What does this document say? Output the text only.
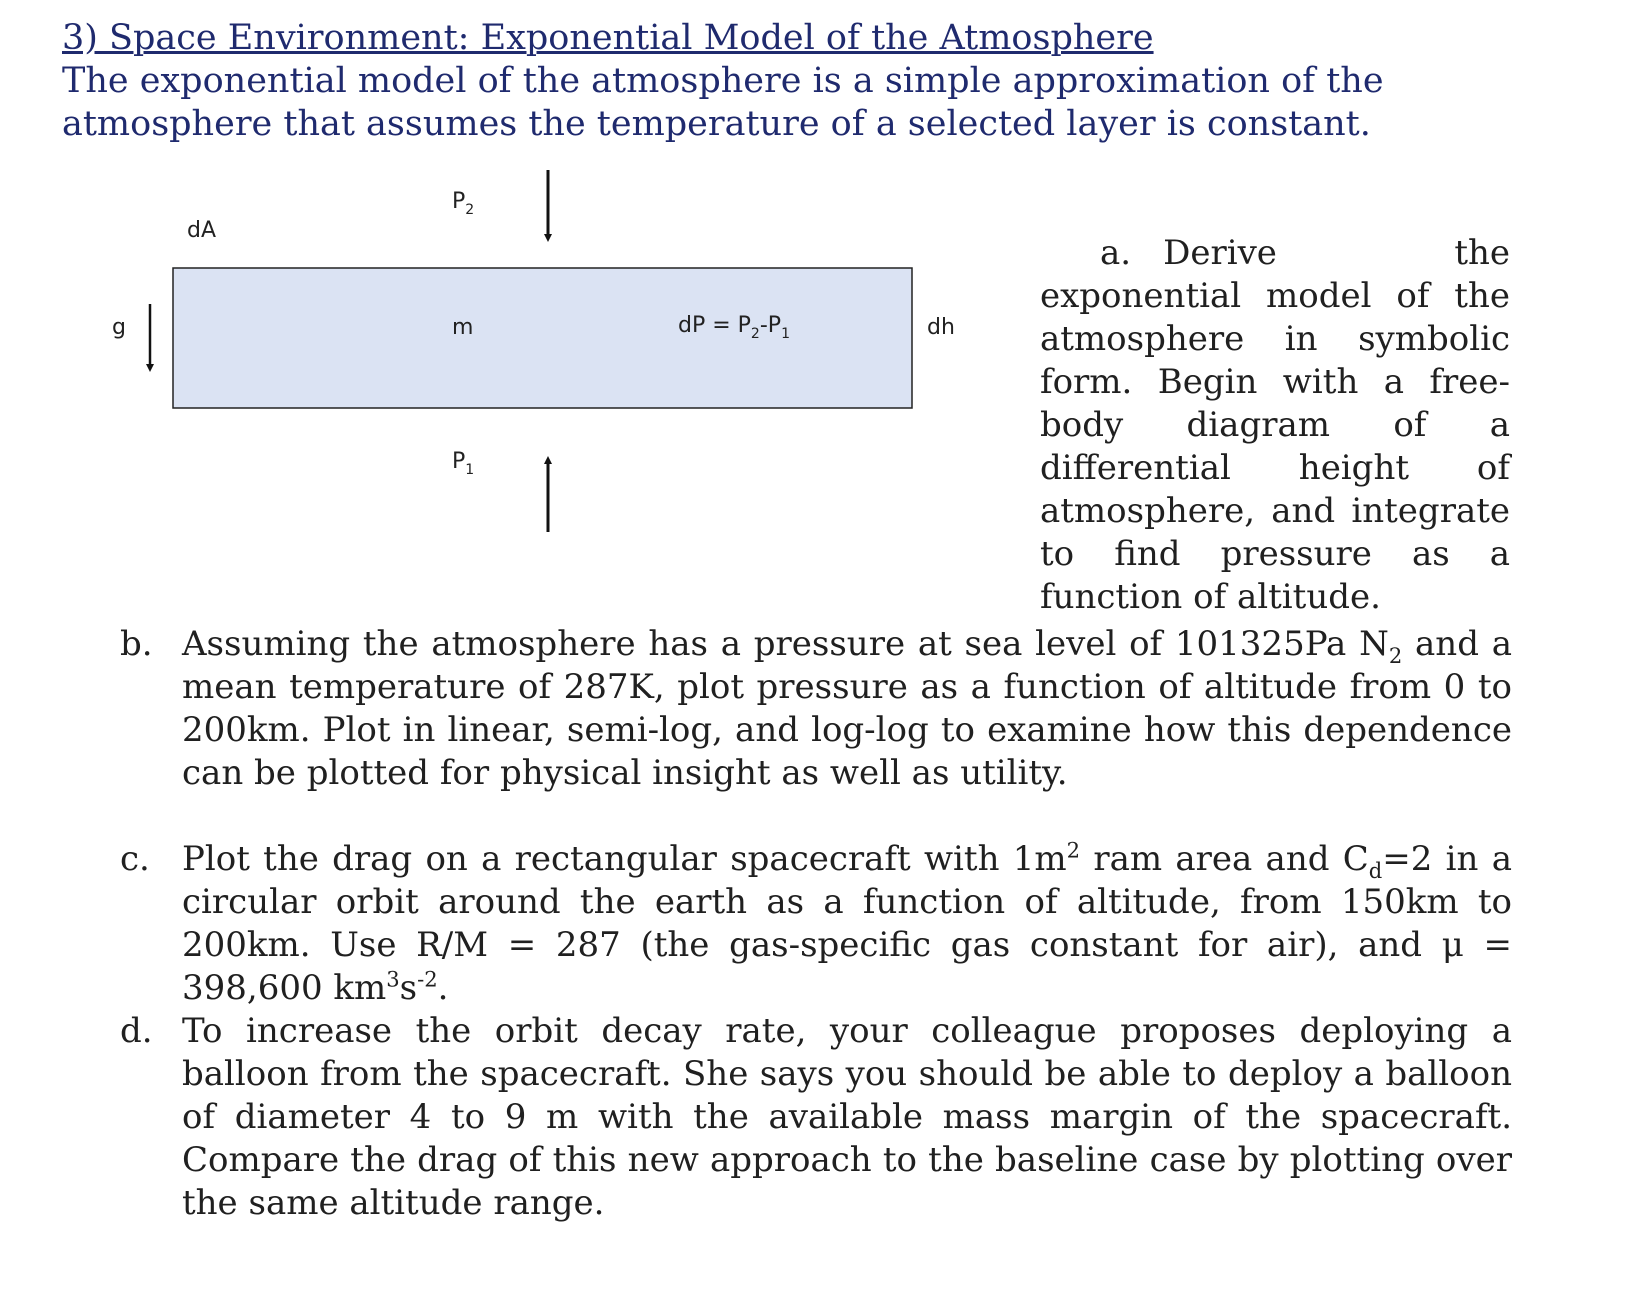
3) Space Environment: Exponential Model of the Atmosphere
The exponential model of the atmosphere is a simple approximation of the atmosphere that assumes the temperature of a selected layer is constant.
$P_2$
dA
g	m	dP = $P_2-P_1$	dh
$P_1$
a. Derive	the
exponential model of the atmosphere in symbolic form. Begin with a free-body diagram of a differential height of atmosphere, and integrate to find pressure as a function of altitude.
b. Assuming the atmosphere has a pressure at sea level of 101325Pa $N_2$ and a mean temperature of 287K, plot pressure as a function of altitude from 0 to 200km. Plot in linear, semi-log, and log-log to examine how this dependence can be plotted for physical insight as well as utility.
c. Plot the drag on a rectangular spacecraft with $1m^2$ ram area and $C_d=2$ in a circular orbit around the earth as a function of altitude, from 150km to 200km. Use R/M = 287 (the gas-specific gas constant for air), and μ = 398,600 $km^3s^{-2}$.
d. To increase the orbit decay rate, your colleague proposes deploying a balloon from the spacecraft. She says you should be able to deploy a balloon of diameter 4 to 9 m with the available mass margin of the spacecraft. Compare the drag of this new approach to the baseline case by plotting over the same altitude range.
